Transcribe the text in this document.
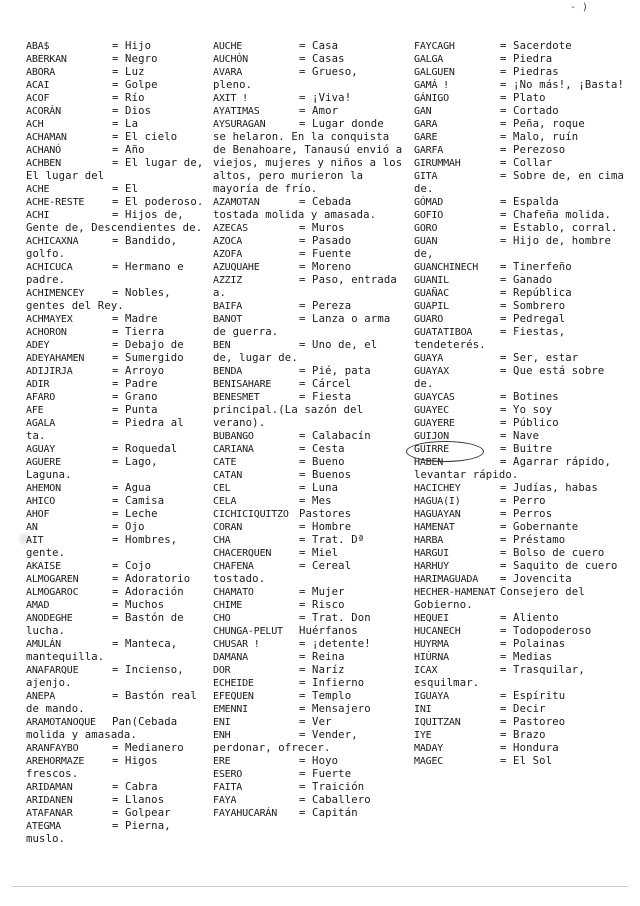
- )
ABA$	= Hijo
ABERKAN	= Negro
ABORA	= Luz
ACAI	= Golpe
ACOF	= Río
ACORÁN	= Dios
ACH	= La
ACHAMAN	= El cielo
ACHANÓ	= Año
ACHBEN	= El lugar de, El lugar del
ACHE	= El
ACHE-RESTE	= El poderoso.
ACHI	= Hijos de, Gente de, Descendientes de.
ACHICAXNA	= Bandido, golfo.
ACHICUCA	= Hermano e padre.
ACHIMENCEY	= Nobles, gentes del Rey.
ACHMAYEX	= Madre
ACHORON	= Tierra
ADEY	= Debajo de
ADEYAHAMEN	= Sumergido
ADIJIRJA	= Arroyo
ADIR	= Padre
AFARO	= Grano
AFE	= Punta
AGALA	= Piedra al ta.
AGUAY	= Roquedal
AGUERE	= Lago, Laguna.
AHEMON	= Agua
AHICO	= Camisa
AHOF	= Leche
AN	= Ojo
AIT	= Hombres, gente.
AKAISE	= Cojo
ALMOGAREN	= Adoratorio
ALMOGAROC	= Adoración
AMAD	= Muchos
ANODEGHE	= Bastón de lucha.
AMULÁN	= Manteca, mantequilla.
ANAFARQUE	= Incienso, ajenjo.
ANEPA	= Bastón real de mando.
ARAMOTANOQUE Pan(Cebada molida y amasada.
ARANFAYBO	= Medianero
AREHORMAZE	= Higos frescos.
ARIDAMAN	= Cabra
ARIDANEN	= Llanos
ATAFANAR	= Golpear
ATEGMA	= Pierna, muslo.
AUCHE	= Casa
AUCHÓN	= Casas
AVARA	= Grueso, pleno.
AXIT !	= ¡Viva!
AYATIMAS	= Amor
AYSURAGAN	= Lugar donde se helaron. En la conquista de Benahoare, Tanausú envió a viejos, mujeres y niños a los altos, pero murieron la mayoría de frío.
AZAMOTAN	= Cebada tostada molida y amasada.
AZECAS	= Muros
AZOCA	= Pasado
AZOFA	= Fuente
AZUQUAHE	= Moreno
AZZIZ	= Paso, entrada a.
BAIFA	= Pereza
BANOT	= Lanza o arma de guerra.
BEN	= Uno de, el de, lugar de.
BENDA	= Pié, pata
BENISAHARE	= Cárcel
BENESMET	= Fiesta principal.(La sazón del verano).
BUBANGO	= Calabacín
CARIANA	= Cesta
CATE	= Bueno
CATAN	= Buenos
CEL	= Luna
CELA	= Mes
CICHICIQUITZO Pastores
CORAN	= Hombre
CHA	= Trat. Dª
CHACERQUEN	= Miel
CHAFENA	= Cereal tostado.
CHAMATO	= Mujer
CHIME	= Risco
CHO	= Trat. Don
CHUNGA-PELUT Huérfanos
CHUSAR !	= ¡detente!
DAMANA	= Reina
DOR	= Naríz
ECHEIDE	= Infierno
EFEQUEN	= Templo
EMENNI	= Mensajero
ENI	= Ver
ENH	= Vender, perdonar, ofrecer.
ERE	= Hoyo
ESERO	= Fuerte
FAITA	= Traición
FAYA	= Caballero
FAYAHUCARÁN = Capitán
FAYCAGH	= Sacerdote
GALGA	= Piedra
GALGUEN	= Piedras
GAMÁ !	= ¡No más!, ¡Basta!
GÁNIGO	= Plato
GAN	= Cortado
GARA	= Peña, roque
GARE	= Malo, ruín
GARFA	= Perezoso
GIRUMMAH	= Collar
GITA	= Sobre de, en cima de.
GÓMAD	= Espalda
GOFIO	= Chafeña molida.
GORO	= Establo, corral.
GUAN	= Hijo de, hombre de,
GUANCHINECH = Tinerfeño
GUANIL	= Ganado
GUAÑAC	= República
GUAPIL	= Sombrero
GUARO	= Pedregal
GUATATIBOA	= Fiestas, tendeterés.
GUAYA	= Ser, estar
GUAYAX	= Que está sobre de.
GUAYCAS	= Botines
GUAYEC	= Yo soy
GUAYERE	= Público
GUIJON	= Nave
GUIRRE	= Buitre
HABEN	= Agarrar rápido, levantar rápido.
HACICHEY	= Judías, habas
HAGUA(I)	= Perro
HAGUAYAN	= Perros
HAMENAT	= Gobernante
HARBA	= Préstamo
HARGUI	= Bolso de cuero
HARHUY	= Saquito de cuero
HARIMAGUADA = Jovencita
HECHER-HAMENAT Consejero del Gobierno.
HEQUEI	= Aliento
HUCANECH	= Todopoderoso
HUYRMA	= Polainas
HIÚRNA	= Medias
ICAX	= Trasquilar, esquilmar.
IGUAYA	= Espíritu
INI	= Decir
IQUITZAN	= Pastoreo
IYE	= Brazo
MADAY	= Hondura
MAGEC	= El Sol
